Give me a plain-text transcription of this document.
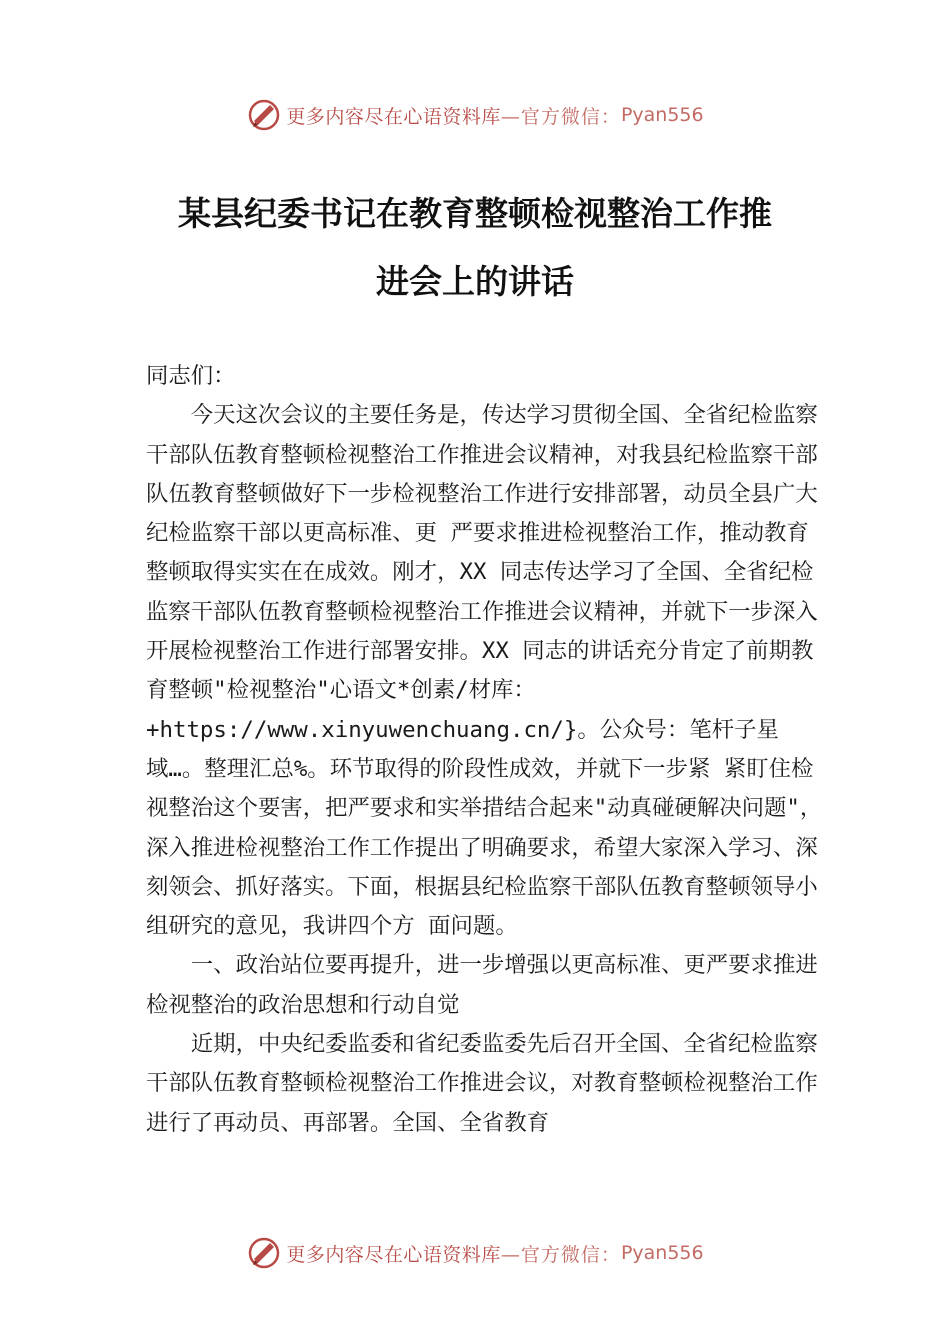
更多内容尽在心语资料库 —官方微信： Pyan556
某县纪委书记在教育整顿检视整治工作推
进会上的讲话

同志们：

今天这次会议的主要任务是，传达学习贯彻全国、全省纪检监察干部队伍教育整顿检视整治工作推进会议精神，对我县纪检监察干部队伍教育整顿做好下一步检视整治工作进行安排部署，动员全县广大纪检监察干部以更高标准、更 严要求推进检视整治工作，推动教育整顿取得实实在在成效。刚才，XX 同志传达学习了全国、全省纪检监察干部队伍教育整顿检视整治工作推进会议精神，并就下一步深入开展检视整治工作进行部署安排。XX 同志的讲话充分肯定了前期教育整顿"检视整治"心语文*创素/材库：+https://www.xinyuwenchuang.cn/}。公众号：笔杆子星域…。整理汇总%。环节取得的阶段性成效，并就下一步紧 紧盯住检视整治这个要害，把严要求和实举措结合起来"动真碰硬解决问题"，深入推进检视整治工作工作提出了明确要求，希望大家深入学习、深刻领会、抓好落实。下面，根据县纪检监察干部队伍教育整顿领导小组研究的意见，我讲四个方 面问题。

一、政治站位要再提升，进一步增强以更高标准、更严要求推进检视整治的政治思想和行动自觉

近期，中央纪委监委和省纪委监委先后召开全国、全省纪检监察干部队伍教育整顿检视整治工作推进会议，对教育整顿检视整治工作进行了再动员、再部署。全国、全省教育

更多内容尽在心语资料库 —官方微信： Pyan556
